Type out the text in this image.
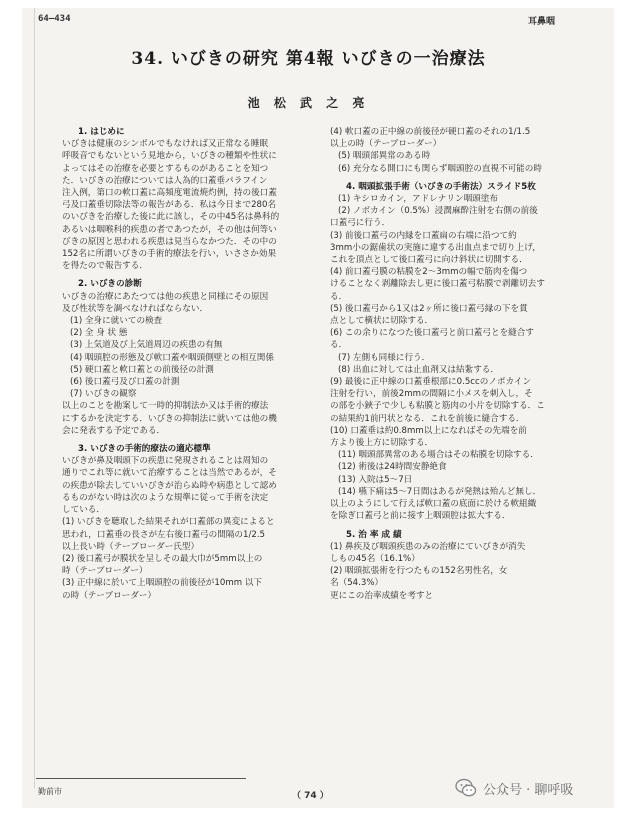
64—434	耳鼻咽
34. いびきの研究 第4報 いびきの一治療法
池 松 武 之 亮
1. はじめに
いびきは健康のシンボルでもなければ又正常なる睡眠
呼吸音でもないという見地から，いびきの種類や性状に
よってはその治療を必要とするものがあることを知つ
た．いびきの治療については人為的口蓋垂パラフイン
注入例，第口の軟口蓋に高頻度電流焼灼例，持の後口蓋
弓及口蓋垂切除法等の報告がある．私は今日まで280名
のいびきを治療した後に此に該し，その中45名は鼻科的
あるいは咽喉科的疾患の者であつたが，その他は何等い
びきの原因と思われる疾患は見当らなかつた．その中の
152名に所謂いびきの手術的療法を行い，いささか効果
を得たので報告する．
2. いびきの診断
いびきの治療にあたつては他の疾患と同様にその原因
及び性状等を調べなければならない．
(1) 全身に就いての検査
(2) 全 身 状 態
(3) 上気道及び上気道周辺の疾患の有無
(4) 咽頭腔の形態及び軟口蓋や咽頭側壁との相互関係
(5) 硬口蓋と軟口蓋との前後径の計測
(6) 後口蓋弓及び口蓋の計測
(7) いびきの観察
以上のことを勘案して一時的抑制法か又は手術的療法
にするかを決定する．いびきの抑制法に就いては他の機
会に発表する予定である．
3. いびきの手術的療法の適応標準
いびきが鼻及咽頭下の疾患に発現されることは周知の
通りでこれ等に就いて治療することは当然であるが，そ
の疾患が除去していいびきが治らぬ時や病患として認め
るものがない時は次のような規準に従って手術を決定
している．
(1) いびきを聴取した結果それが口蓋部の異変によると
思われ，口蓋垂の長さが左右後口蓋弓の間隔の1/2.5
以上長い時（テーブローダー氏型）
(2) 後口蓋弓が膜状を呈しその最大巾が5mm以上の
時（テーブローダー）
(3) 正中線に於いて上咽頭腔の前後径が10mm 以下
の時（テーブローダー）
(4) 軟口蓋の正中線の前後径が硬口蓋のそれの1/1.5
以上の時（テーブローダー）
(5) 咽頭部異常のある時
(6) 充分なる開口にも関らず咽頭腔の直視不可能の時
4. 咽頭拡張手術（いびきの手術法）スライド5枚
(1) キシロカイン，アドレナリン咽頭塗布
(2) ノボカイン（0.5%）浸潤麻酔注射を右側の前後
口蓋弓に行う．
(3) 前後口蓋弓の内縁を口蓋扁の右端に沿つて約
3mm小の鋸歯状の実施に違する出血点まで切り上げ，
これを頂点として後口蓋弓に向け斜状に切開する．
(4) 前口蓋弓膜の粘膜を2〜3mmの幅で筋肉を傷つ
けることなく剥離除去し更に後口蓋弓粘膜で剥離切去す
る．
(5) 後口蓋弓から1又は2ヶ所に後口蓋弓縁の下を貫
点として横状に切除する．
(6) この余りになつた後口蓋弓と前口蓋弓とを縫合す
る．
(7) 左側も同様に行う．
(8) 出血に対しては止血剤又は結紮する．
(9) 最後に正中線の口蓋垂根部に0.5ccのノボカイン
注射を行い，前後2mmの間隔に小メスを刺入し，そ
の部を小鋏子で少しも粘膜と筋肉の小片を切除する．こ
の結果約1前円状となる．これを前後に縫合する．
(10) 口蓋垂は約0.8mm以上になればその先端を前
方より後上方に切除する．
(11) 咽頭部異常のある場合はその粘膜を切除する．
(12) 術後は24時間安静絶食
(13) 入院は5〜7日
(14) 嚥下痛は5〜7日間はあるが発熱は殆んど無し．
以上のようにして行えば軟口蓋の底面に於ける軟組織
を除ぎ口蓋弓と前に接す上咽頭腔は拡大する．
5. 治 率 成 績
(1) 鼻疾及び咽頭疾患のみの治療にていびきが消失
しもの45名（16.1%）
(2) 咽頭拡張術を行つたもの152名男性名，女
名（54.3%）
更にこの治率成績を考すと
勤前市	（ 74 ）	公众号 · 聊呼吸
